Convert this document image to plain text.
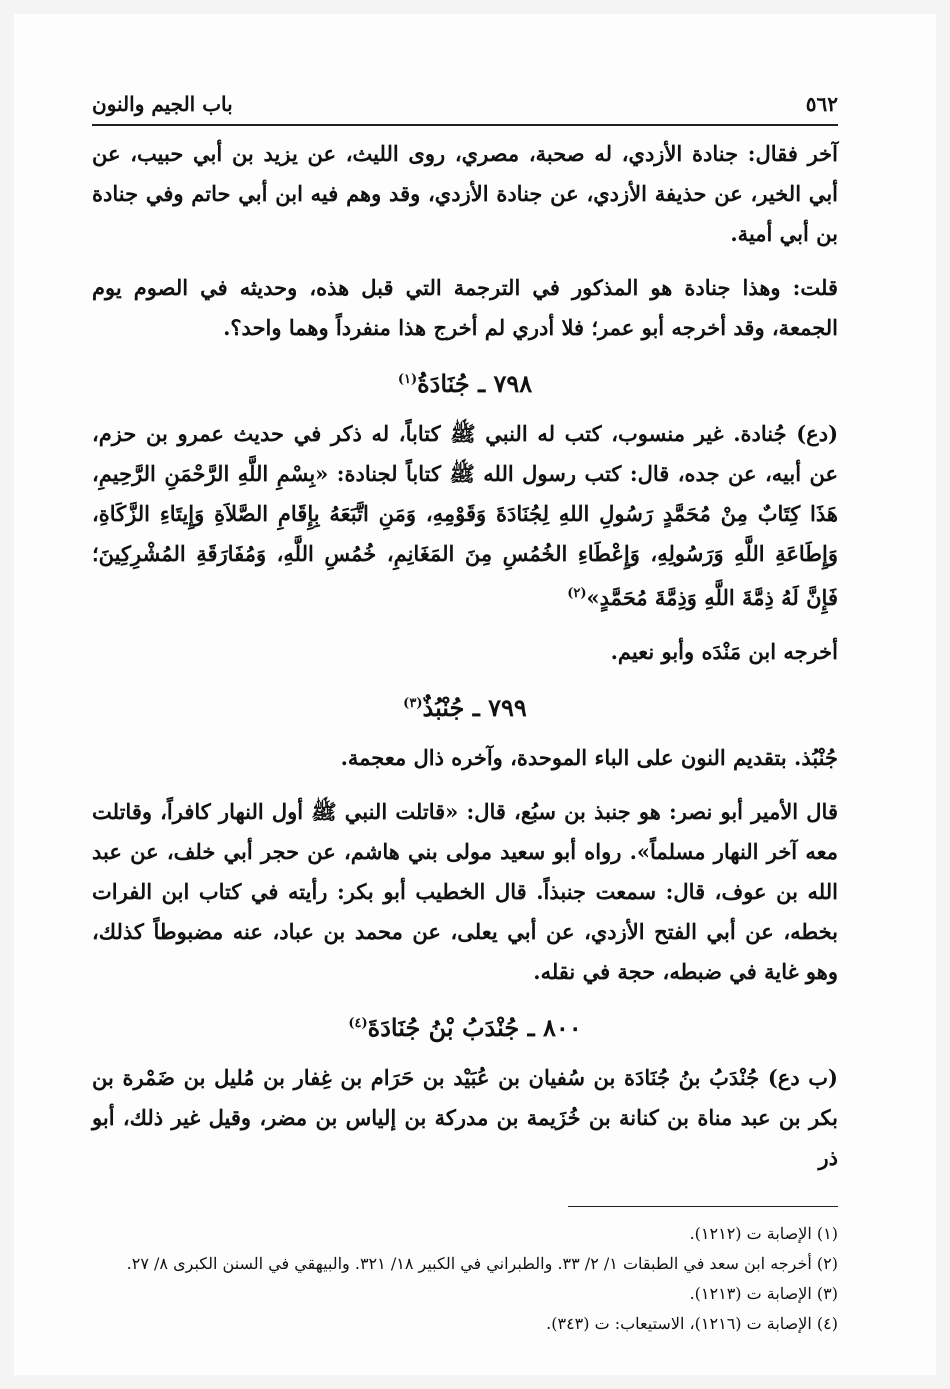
٥٦٢
باب الجيم والنون

آخر فقال: جنادة الأزدي، له صحبة، مصري، روى الليث، عن يزيد بن أبي حبيب، عن أبي الخير، عن حذيفة الأزدي، عن جنادة الأزدي، وقد وهم فيه ابن أبي حاتم وفي جنادة بن أبي أمية.

قلت: وهذا جنادة هو المذكور في الترجمة التي قبل هذه، وحديثه في الصوم يوم الجمعة، وقد أخرجه أبو عمر؛ فلا أدري لم أخرج هذا منفرداً وهما واحد؟.

٧٩٨ ـ جُنَادَةُ$^{(١)}$

(دع) جُنادة. غير منسوب، كتب له النبي ﷺ كتاباً، له ذكر في حديث عمرو بن حزم، عن أبيه، عن جده، قال: كتب رسول الله ﷺ كتاباً لجنادة: «بِسْمِ اللَّهِ الرَّحْمَنِ الرَّحِيمِ، هَذَا كِتَابٌ مِنْ مُحَمَّدٍ رَسُولِ اللهِ لِجُنَادَةَ وَقَوْمِهِ، وَمَنِ اتَّبَعَهُ بِإِقَامِ الصَّلاَةِ وَإِيتَاءِ الزَّكَاةِ، وَإِطَاعَةِ اللَّهِ وَرَسُولِهِ، وَإِعْطَاءِ الخُمُسِ مِنَ المَغَانِمِ، خُمُسِ اللَّهِ، وَمُفَارَقَةِ المُشْرِكِينَ؛ فَإِنَّ لَهُ ذِمَّةَ اللَّهِ وَذِمَّةَ مُحَمَّدٍ»$^{(٢)}$

أخرجه ابن مَنْدَه وأبو نعيم.

٧٩٩ ـ جُنْبُذٌ$^{(٣)}$

جُنْبُذ. بتقديم النون على الباء الموحدة، وآخره ذال معجمة.

قال الأمير أبو نصر: هو جنبذ بن سبُع، قال: «قاتلت النبي ﷺ أول النهار كافراً، وقاتلت معه آخر النهار مسلماً». رواه أبو سعيد مولى بني هاشم، عن حجر أبي خلف، عن عبد الله بن عوف، قال: سمعت جنبذاً. قال الخطيب أبو بكر: رأيته في كتاب ابن الفرات بخطه، عن أبي الفتح الأزدي، عن أبي يعلى، عن محمد بن عباد، عنه مضبوطاً كذلك، وهو غاية في ضبطه، حجة في نقله.

٨٠٠ ـ جُنْدَبُ بْنُ جُنَادَةَ$^{(٤)}$

(ب دع) جُنْدَبُ بنُ جُنَادَة بن سُفيان بن عُبَيْد بن حَرَام بن غِفار بن مُليل بن ضَمْرة بن بكر بن عبد مناة بن كنانة بن خُزَيمة بن مدركة بن إلياس بن مضر، وقيل غير ذلك، أبو ذر

(١) الإصابة ت (١٢١٢).
(٢) أخرجه ابن سعد في الطبقات ١/ ٢/ ٣٣. والطبراني في الكبير ١٨/ ٣٢١. والبيهقي في السنن الكبرى ٨/ ٢٧.
(٣) الإصابة ت (١٢١٣).
(٤) الإصابة ت (١٢١٦)، الاستيعاب: ت (٣٤٣).
